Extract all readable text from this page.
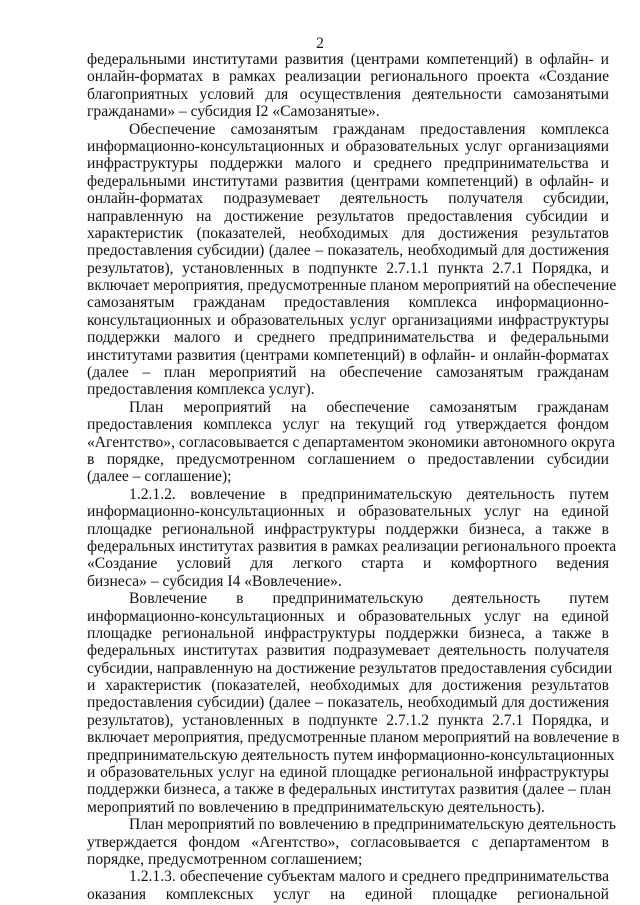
2
федеральными институтами развития (центрами компетенций) в офлайн- и
онлайн-форматах в рамках реализации регионального проекта «Создание
благоприятных условий для осуществления деятельности самозанятыми
гражданами» – субсидия I2 «Самозанятые».
Обеспечение самозанятым гражданам предоставления комплекса
информационно-консультационных и образовательных услуг организациями
инфраструктуры поддержки малого и среднего предпринимательства и
федеральными институтами развития (центрами компетенций) в офлайн- и
онлайн-форматах подразумевает деятельность получателя субсидии,
направленную на достижение результатов предоставления субсидии и
характеристик (показателей, необходимых для достижения результатов
предоставления субсидии) (далее – показатель, необходимый для достижения
результатов), установленных в подпункте 2.7.1.1 пункта 2.7.1 Порядка, и
включает мероприятия, предусмотренные планом мероприятий на обеспечение
самозанятым гражданам предоставления комплекса информационно-
консультационных и образовательных услуг организациями инфраструктуры
поддержки малого и среднего предпринимательства и федеральными
институтами развития (центрами компетенций) в офлайн- и онлайн-форматах
(далее – план мероприятий на обеспечение самозанятым гражданам
предоставления комплекса услуг).
План мероприятий на обеспечение самозанятым гражданам
предоставления комплекса услуг на текущий год утверждается фондом
«Агентство», согласовывается с департаментом экономики автономного округа
в порядке, предусмотренном соглашением о предоставлении субсидии
(далее – соглашение);
1.2.1.2. вовлечение в предпринимательскую деятельность путем
информационно-консультационных и образовательных услуг на единой
площадке региональной инфраструктуры поддержки бизнеса, а также в
федеральных институтах развития в рамках реализации регионального проекта
«Создание условий для легкого старта и комфортного ведения
бизнеса» – субсидия I4 «Вовлечение».
Вовлечение в предпринимательскую деятельность путем
информационно-консультационных и образовательных услуг на единой
площадке региональной инфраструктуры поддержки бизнеса, а также в
федеральных институтах развития подразумевает деятельность получателя
субсидии, направленную на достижение результатов предоставления субсидии
и характеристик (показателей, необходимых для достижения результатов
предоставления субсидии) (далее – показатель, необходимый для достижения
результатов), установленных в подпункте 2.7.1.2 пункта 2.7.1 Порядка, и
включает мероприятия, предусмотренные планом мероприятий на вовлечение в
предпринимательскую деятельность путем информационно-консультационных
и образовательных услуг на единой площадке региональной инфраструктуры
поддержки бизнеса, а также в федеральных институтах развития (далее – план
мероприятий по вовлечению в предпринимательскую деятельность).
План мероприятий по вовлечению в предпринимательскую деятельность
утверждается фондом «Агентство», согласовывается с департаментом в
порядке, предусмотренном соглашением;
1.2.1.3. обеспечение субъектам малого и среднего предпринимательства
оказания комплексных услуг на единой площадке региональной
